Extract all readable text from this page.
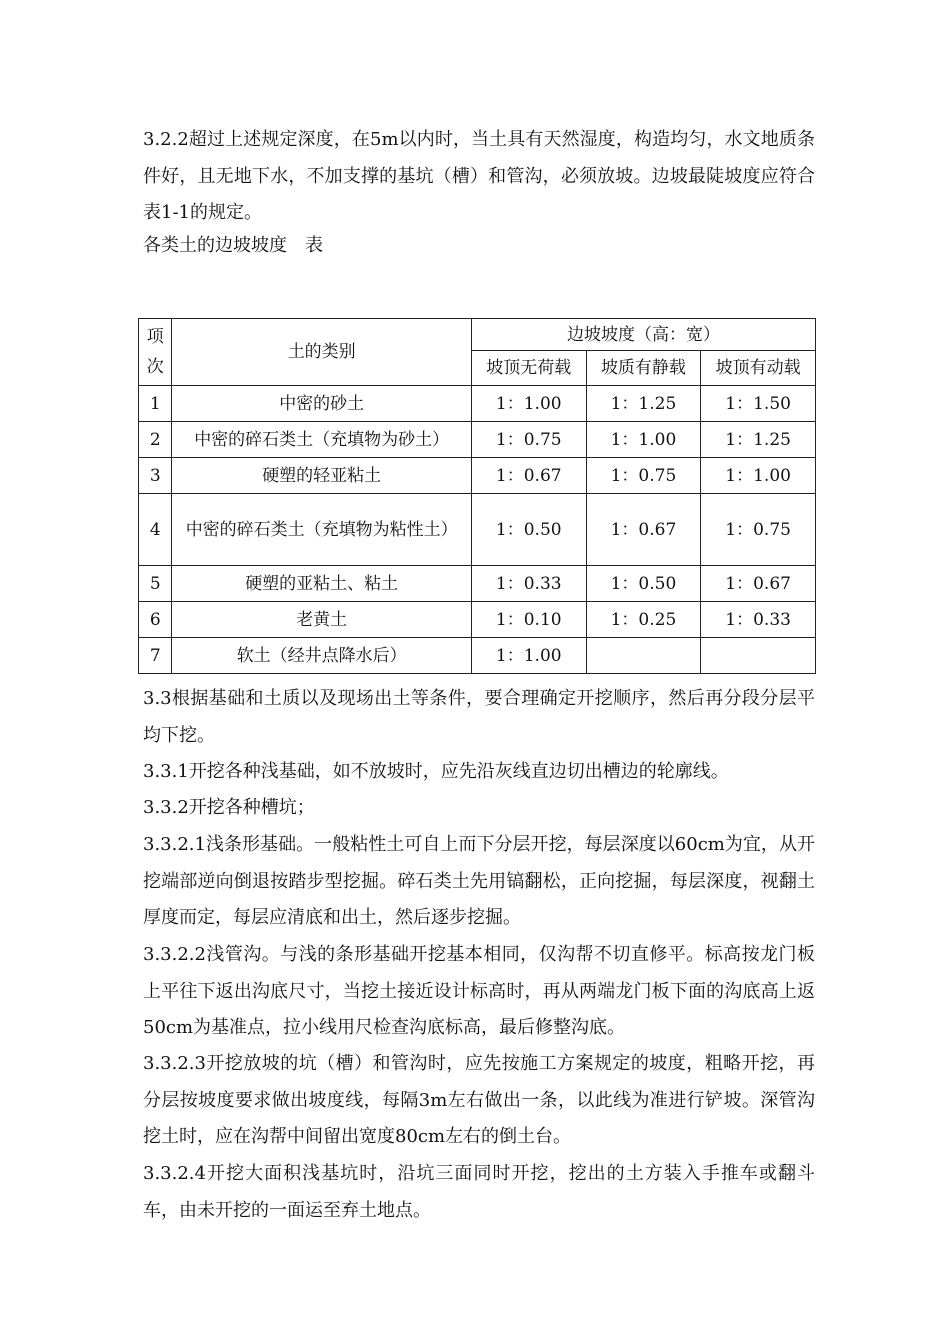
3.2.2超过上述规定深度，在5m以内时，当土具有天然湿度，构造均匀，水文地质条件好，且无地下水，不加支撑的基坑（槽）和管沟，必须放坡。边坡最陡坡度应符合表1-1的规定。

各类土的边坡坡度　表

项
次	土的类别	边坡坡度（高：宽）		
		坡顶无荷载	坡质有静载	坡顶有动载
1	中密的砂土	1：1.00	1：1.25	1：1.50
2	中密的碎石类土（充填物为砂土）	1：0.75	1：1.00	1：1.25
3	硬塑的轻亚粘土	1：0.67	1：0.75	1：1.00
4	中密的碎石类土（充填物为粘性土）	1：0.50	1：0.67	1：0.75
5	硬塑的亚粘土、粘土	1：0.33	1：0.50	1：0.67
6	老黄土	1：0.10	1：0.25	1：0.33
7	软土（经井点降水后）	1：1.00		

3.3根据基础和土质以及现场出土等条件，要合理确定开挖顺序，然后再分段分层平均下挖。

3.3.1开挖各种浅基础，如不放坡时，应先沿灰线直边切出槽边的轮廓线。

3.3.2开挖各种槽坑；

3.3.2.1浅条形基础。一般粘性土可自上而下分层开挖，每层深度以60cm为宜，从开挖端部逆向倒退按踏步型挖掘。碎石类土先用镐翻松，正向挖掘，每层深度，视翻土厚度而定，每层应清底和出土，然后逐步挖掘。

3.3.2.2浅管沟。与浅的条形基础开挖基本相同，仅沟帮不切直修平。标高按龙门板上平往下返出沟底尺寸，当挖土接近设计标高时，再从两端龙门板下面的沟底高上返50cm为基准点，拉小线用尺检查沟底标高，最后修整沟底。

3.3.2.3开挖放坡的坑（槽）和管沟时，应先按施工方案规定的坡度，粗略开挖，再分层按坡度要求做出坡度线，每隔3m左右做出一条，以此线为准进行铲坡。深管沟挖土时，应在沟帮中间留出宽度80cm左右的倒土台。

3.3.2.4开挖大面积浅基坑时，沿坑三面同时开挖，挖出的土方装入手推车或翻斗车，由未开挖的一面运至弃土地点。
